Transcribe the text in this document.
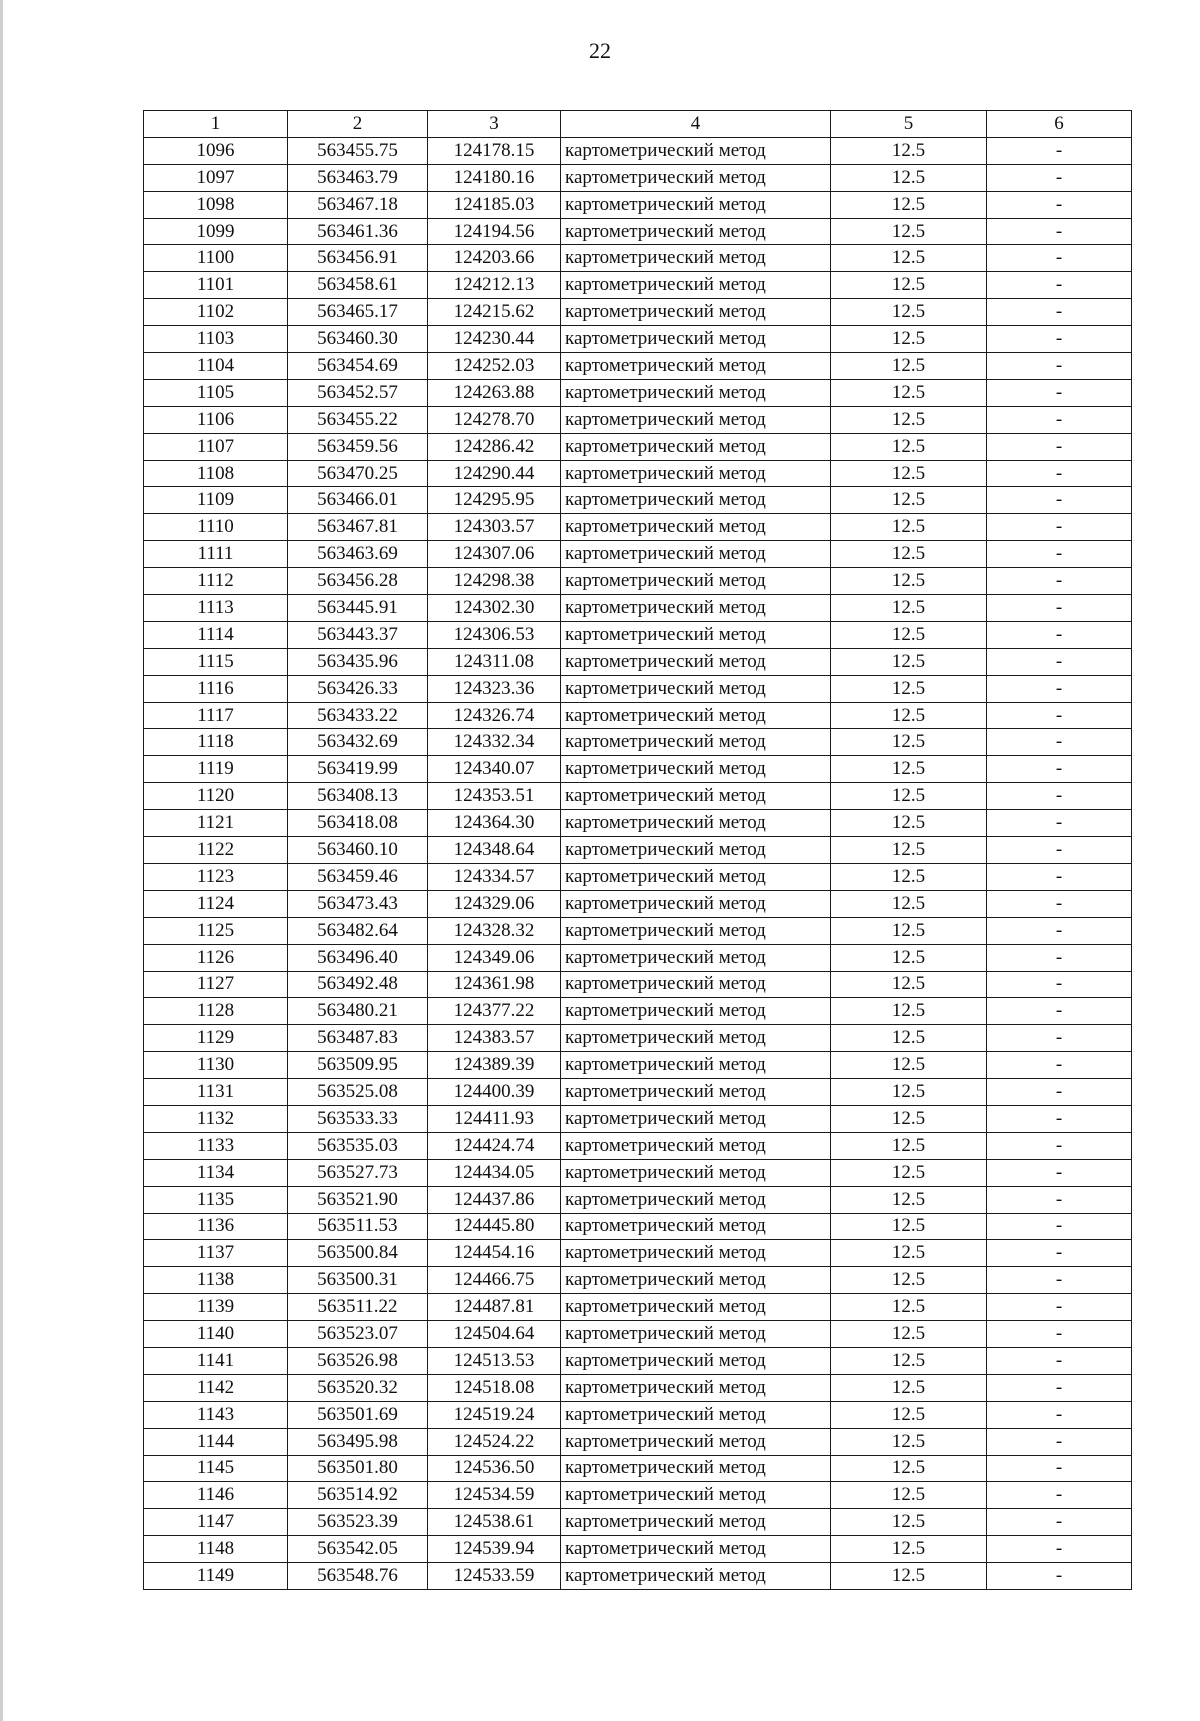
22
1	2	3	4	5	6
1096	563455.75	124178.15	картометрический метод	12.5	-
1097	563463.79	124180.16	картометрический метод	12.5	-
1098	563467.18	124185.03	картометрический метод	12.5	-
1099	563461.36	124194.56	картометрический метод	12.5	-
1100	563456.91	124203.66	картометрический метод	12.5	-
1101	563458.61	124212.13	картометрический метод	12.5	-
1102	563465.17	124215.62	картометрический метод	12.5	-
1103	563460.30	124230.44	картометрический метод	12.5	-
1104	563454.69	124252.03	картометрический метод	12.5	-
1105	563452.57	124263.88	картометрический метод	12.5	-
1106	563455.22	124278.70	картометрический метод	12.5	-
1107	563459.56	124286.42	картометрический метод	12.5	-
1108	563470.25	124290.44	картометрический метод	12.5	-
1109	563466.01	124295.95	картометрический метод	12.5	-
1110	563467.81	124303.57	картометрический метод	12.5	-
1111	563463.69	124307.06	картометрический метод	12.5	-
1112	563456.28	124298.38	картометрический метод	12.5	-
1113	563445.91	124302.30	картометрический метод	12.5	-
1114	563443.37	124306.53	картометрический метод	12.5	-
1115	563435.96	124311.08	картометрический метод	12.5	-
1116	563426.33	124323.36	картометрический метод	12.5	-
1117	563433.22	124326.74	картометрический метод	12.5	-
1118	563432.69	124332.34	картометрический метод	12.5	-
1119	563419.99	124340.07	картометрический метод	12.5	-
1120	563408.13	124353.51	картометрический метод	12.5	-
1121	563418.08	124364.30	картометрический метод	12.5	-
1122	563460.10	124348.64	картометрический метод	12.5	-
1123	563459.46	124334.57	картометрический метод	12.5	-
1124	563473.43	124329.06	картометрический метод	12.5	-
1125	563482.64	124328.32	картометрический метод	12.5	-
1126	563496.40	124349.06	картометрический метод	12.5	-
1127	563492.48	124361.98	картометрический метод	12.5	-
1128	563480.21	124377.22	картометрический метод	12.5	-
1129	563487.83	124383.57	картометрический метод	12.5	-
1130	563509.95	124389.39	картометрический метод	12.5	-
1131	563525.08	124400.39	картометрический метод	12.5	-
1132	563533.33	124411.93	картометрический метод	12.5	-
1133	563535.03	124424.74	картометрический метод	12.5	-
1134	563527.73	124434.05	картометрический метод	12.5	-
1135	563521.90	124437.86	картометрический метод	12.5	-
1136	563511.53	124445.80	картометрический метод	12.5	-
1137	563500.84	124454.16	картометрический метод	12.5	-
1138	563500.31	124466.75	картометрический метод	12.5	-
1139	563511.22	124487.81	картометрический метод	12.5	-
1140	563523.07	124504.64	картометрический метод	12.5	-
1141	563526.98	124513.53	картометрический метод	12.5	-
1142	563520.32	124518.08	картометрический метод	12.5	-
1143	563501.69	124519.24	картометрический метод	12.5	-
1144	563495.98	124524.22	картометрический метод	12.5	-
1145	563501.80	124536.50	картометрический метод	12.5	-
1146	563514.92	124534.59	картометрический метод	12.5	-
1147	563523.39	124538.61	картометрический метод	12.5	-
1148	563542.05	124539.94	картометрический метод	12.5	-
1149	563548.76	124533.59	картометрический метод	12.5	-
